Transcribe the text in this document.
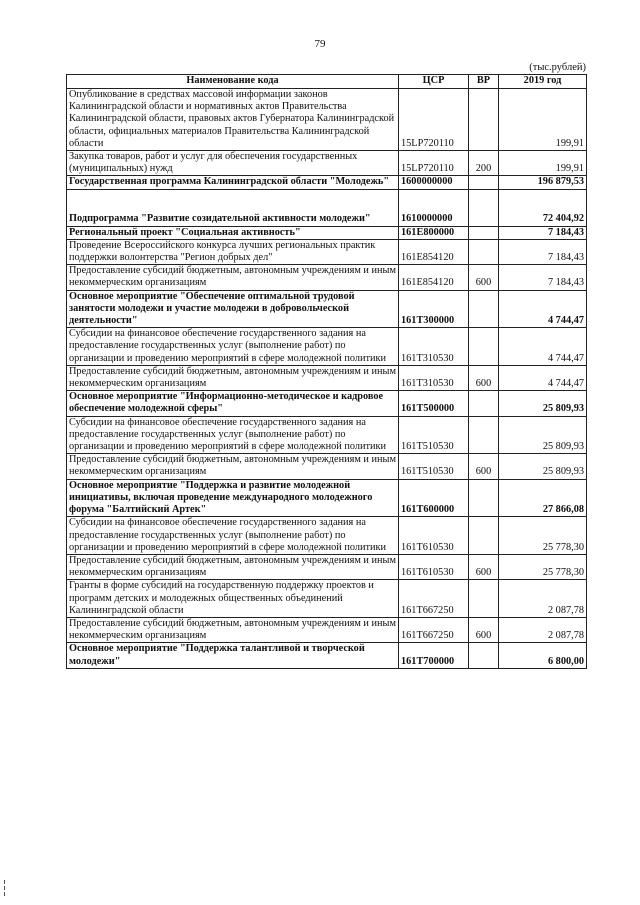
79
(тыс.рублей)
Наименование кода	ЦСР	ВР	2019 год
Опубликование в средствах массовой информации законов Калининградской области и нормативных актов Правительства Калининградской области, правовых актов Губернатора Калининградской области, официальных материалов Правительства Калининградской области	15LP720110		199,91
Закупка товаров, работ и услуг для обеспечения государственных (муниципальных) нужд	15LP720110	200	199,91
Государственная программа Калининградской области "Молодежь"	1600000000		196 879,53
Подпрограмма "Развитие созидательной активности молодежи"	1610000000		72 404,92
Региональный проект "Социальная активность"	161E800000		7 184,43
Проведение Всероссийского конкурса лучших региональных практик поддержки волонтерства "Регион добрых дел"	161E854120		7 184,43
Предоставление субсидий бюджетным, автономным учреждениям и иным некоммерческим организациям	161E854120	600	7 184,43
Основное мероприятие "Обеспечение оптимальной трудовой занятости молодежи и участие молодежи в добровольческой деятельности"	161T300000		4 744,47
Субсидии на финансовое обеспечение государственного задания на предоставление государственных услуг (выполнение работ) по организации и проведению мероприятий в сфере молодежной политики	161T310530		4 744,47
Предоставление субсидий бюджетным, автономным учреждениям и иным некоммерческим организациям	161T310530	600	4 744,47
Основное мероприятие "Информационно-методическое и кадровое обеспечение молодежной сферы"	161T500000		25 809,93
Субсидии на финансовое обеспечение государственного задания на предоставление государственных услуг (выполнение работ) по организации и проведению мероприятий в сфере молодежной политики	161T510530		25 809,93
Предоставление субсидий бюджетным, автономным учреждениям и иным некоммерческим организациям	161T510530	600	25 809,93
Основное мероприятие "Поддержка и развитие молодежной инициативы, включая проведение международного молодежного форума "Балтийский Артек"	161T600000		27 866,08
Субсидии на финансовое обеспечение государственного задания на предоставление государственных услуг (выполнение работ) по организации и проведению мероприятий в сфере молодежной политики	161T610530		25 778,30
Предоставление субсидий бюджетным, автономным учреждениям и иным некоммерческим организациям	161T610530	600	25 778,30
Гранты в форме субсидий на государственную поддержку проектов и программ детских и молодежных общественных объединений Калининградской области	161T667250		2 087,78
Предоставление субсидий бюджетным, автономным учреждениям и иным некоммерческим организациям	161T667250	600	2 087,78
Основное мероприятие "Поддержка талантливой и творческой молодежи"	161T700000		6 800,00
